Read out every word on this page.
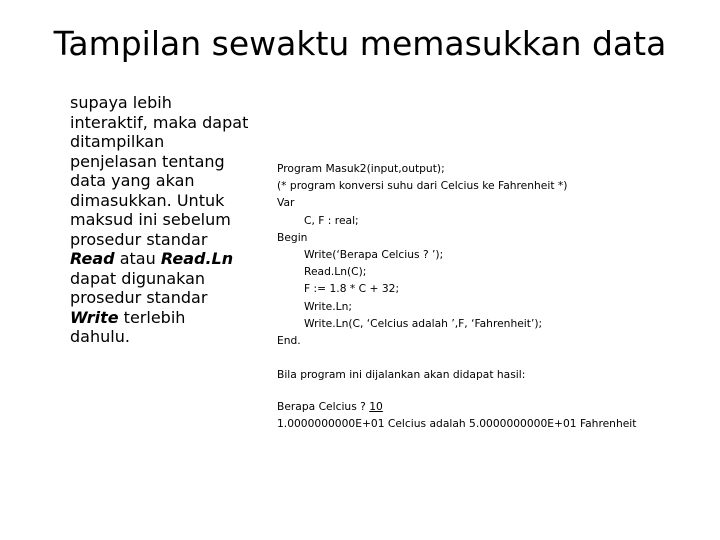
Tampilan sewaktu memasukkan data
supaya lebih interaktif, maka dapat ditampilkan penjelasan tentang data yang akan dimasukkan. Untuk maksud ini sebelum prosedur standar Read atau Read.Ln dapat digunakan prosedur standar Write terlebih dahulu.
Program Masuk2(input,output);
(* program konversi suhu dari Celcius ke Fahrenheit *)
Var
C, F : real;
Begin
Write(‘Berapa Celcius ? ’);
Read.Ln(C);
F := 1.8 * C + 32;
Write.Ln;
Write.Ln(C, ‘Celcius adalah ’,F, ‘Fahrenheit’);
End.
Bila program ini dijalankan akan didapat hasil:
Berapa Celcius ? 10
1.0000000000E+01 Celcius adalah 5.0000000000E+01 Fahrenheit
